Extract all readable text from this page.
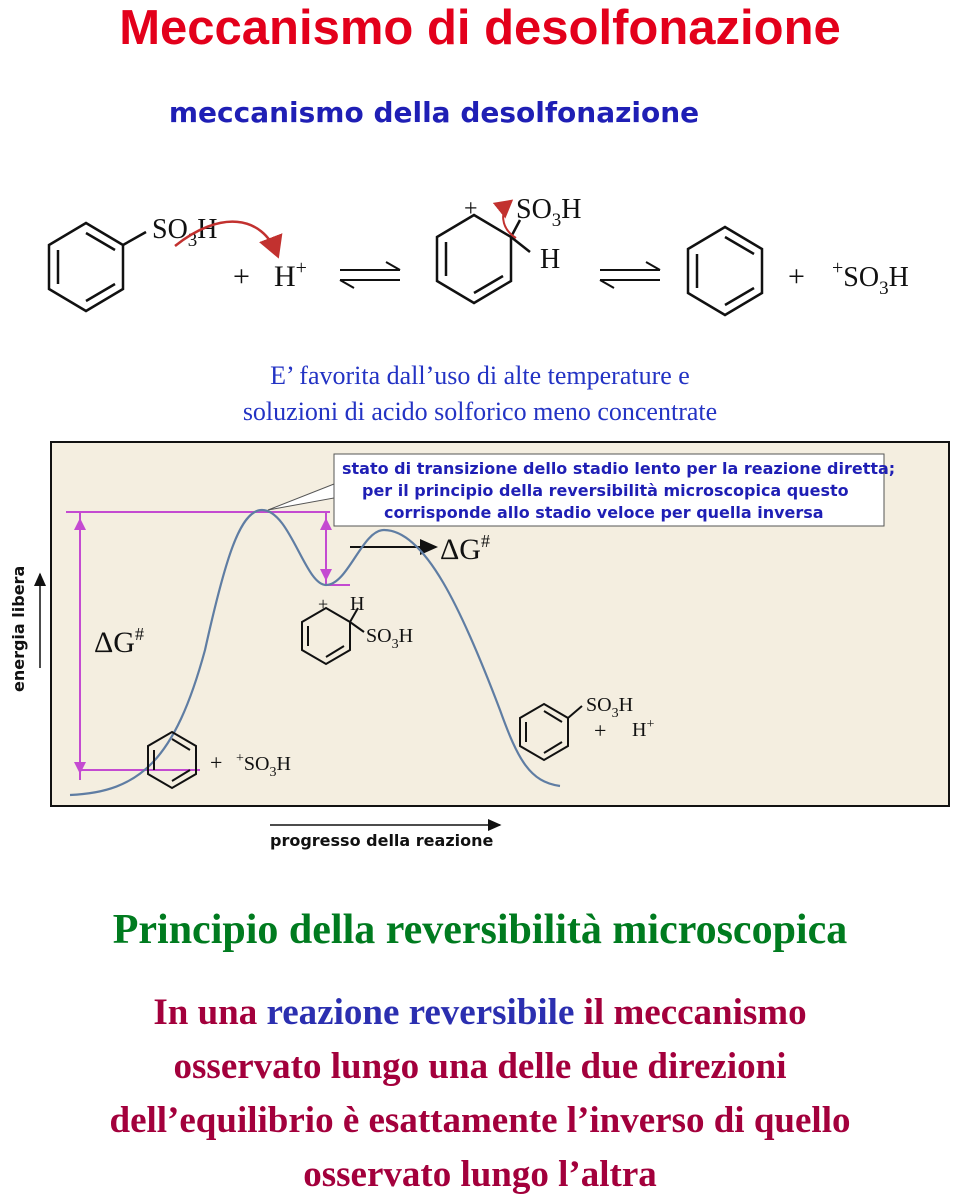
Meccanismo di desolfonazione
meccanismo della desolfonazione
$SO_3H$
+ H+
+ $SO_3H$
H
+ $^+SO_3H$
stato di transizione dello stadio lento per la reazione diretta;
per il principio della reversibilità microscopica questo
corrisponde allo stadio veloce per quella inversa
ΔG#
ΔG#
+ H
$SO_3H$
+ $^+SO_3H$
$SO_3H$
+ H+
energia libera
progresso della reazione
E’ favorita dall’uso di alte temperature e
soluzioni di acido solforico meno concentrate
Principio della reversibilità microscopica
In una reazione reversibile il meccanismo
osservato lungo una delle due direzioni
dell’equilibrio è esattamente l’inverso di quello
osservato lungo l’altra
